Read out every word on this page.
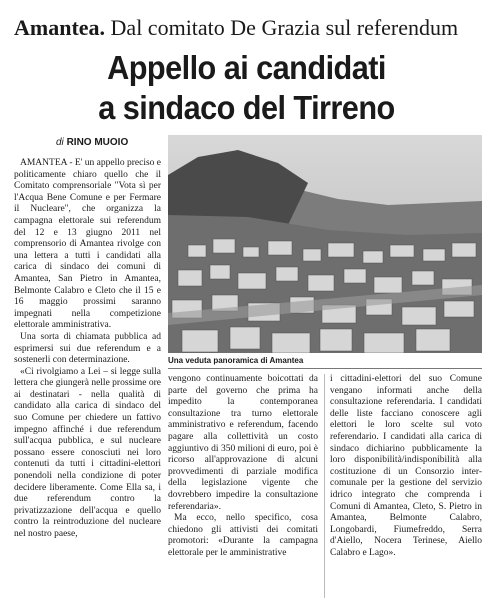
Amantea. Dal comitato De Grazia sul referendum
Appello ai candidati
a sindaco del Tirreno
di RINO MUOIO
Una veduta panoramica di Amantea

AMANTEA - E' un appello preciso e politicamente chiaro quello che il Comitato comprensoriale "Vota sì per l'Acqua Bene Comune e per Fermare il Nucleare", che organizza la campagna elettorale sui referendum del 12 e 13 giugno 2011 nel comprensorio di Amantea rivolge con una lettera a tutti i candidati alla carica di sindaco dei comuni di Amantea, San Pietro in Amantea, Belmonte Calabro e Cleto che il 15 e 16 maggio prossimi saranno impegnati nella competizione elettorale amministrativa.

Una sorta di chiamata pubblica ad esprimersi sui due referendum e a sostenerli con determinazione.

«Ci rivolgiamo a Lei – si legge sulla lettera che giungerà nelle prossime ore ai destinatari - nella qualità di candidato alla carica di sindaco del suo Comune per chiedere un fattivo impegno affinché i due referendum sull'acqua pubblica, e sul nucleare possano essere conosciuti nei loro contenuti da tutti i cittadini-elettori ponendoli nella condizione di poter decidere liberamente. Come Ella sa, i due referendum contro la privatizzazione dell'acqua e quello contro la reintroduzione del nucleare nel nostro paese,

vengono continuamente boicottati da parte del governo che prima ha impedito la contemporanea consultazione tra turno elettorale amministrativo e referendum, facendo pagare alla collettività un costo aggiuntivo di 350 milioni di euro, poi è ricorso all'approvazione di alcuni provvedimenti di parziale modifica della legislazione vigente che dovrebbero impedire la consultazione referendaria».

Ma ecco, nello specifico, cosa chiedono gli attivisti dei comitati promotori: «Durante la campagna elettorale per le amministrative

i cittadini-elettori del suo Comune vengano informati anche della consultazione referendaria. I candidati delle liste facciano conoscere agli elettori le loro scelte sul voto referendario. I candidati alla carica di sindaco dichiarino pubblicamente la loro disponibilità/indisponibilità alla costituzione di un Consorzio inter-comunale per la gestione del servizio idrico integrato che comprenda i Comuni di Amantea, Cleto, S. Pietro in Amantea, Belmonte Calabro, Longobardi, Fiumefreddo, Serra d'Aiello, Nocera Terinese, Aiello Calabro e Lago».
